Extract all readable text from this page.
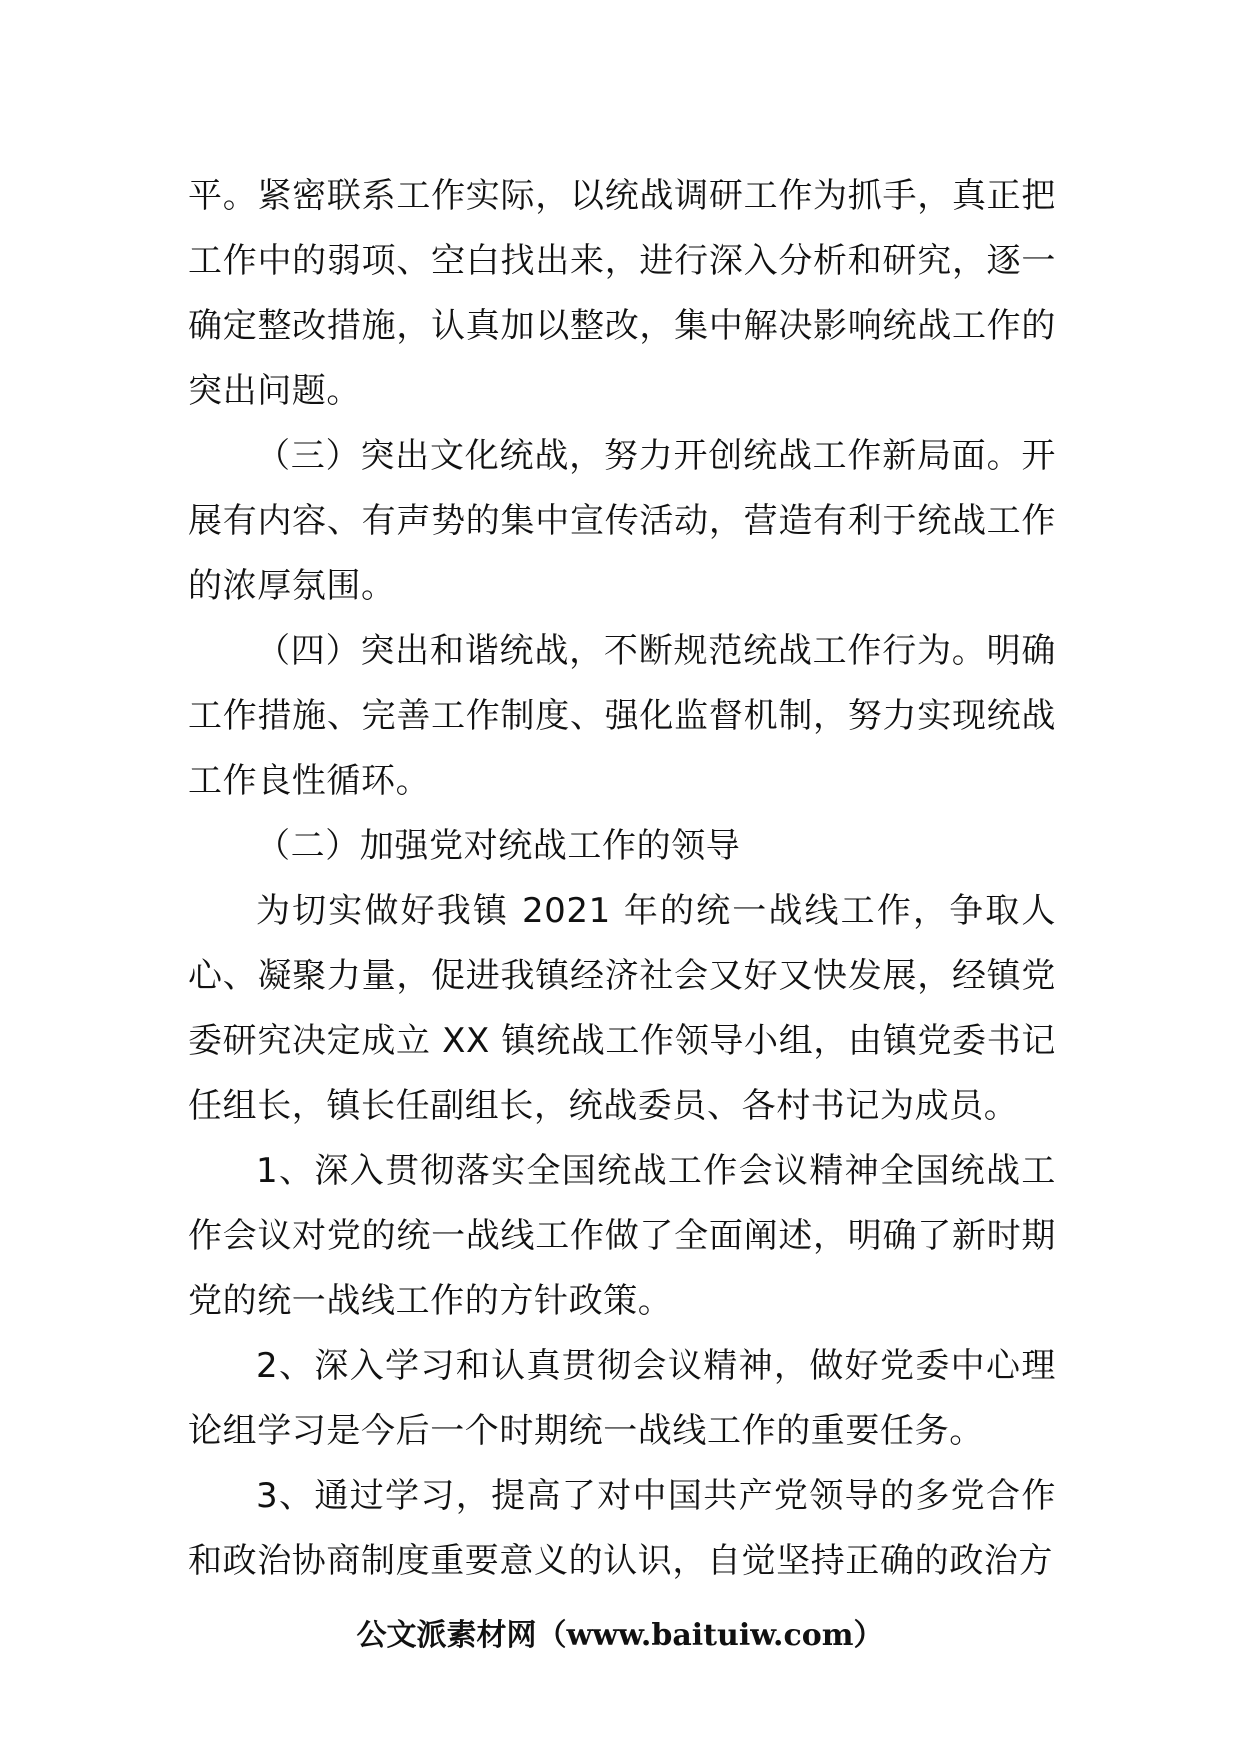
平。紧密联系工作实际，以统战调研工作为抓手，真正把工作中的弱项、空白找出来，进行深入分析和研究，逐一确定整改措施，认真加以整改，集中解决影响统战工作的突出问题。

（三）突出文化统战，努力开创统战工作新局面。开展有内容、有声势的集中宣传活动，营造有利于统战工作的浓厚氛围。

（四）突出和谐统战，不断规范统战工作行为。明确工作措施、完善工作制度、强化监督机制，努力实现统战工作良性循环。

（二）加强党对统战工作的领导

为切实做好我镇 2021 年的统一战线工作，争取人心、凝聚力量，促进我镇经济社会又好又快发展，经镇党委研究决定成立 XX 镇统战工作领导小组，由镇党委书记任组长，镇长任副组长，统战委员、各村书记为成员。

1、深入贯彻落实全国统战工作会议精神全国统战工作会议对党的统一战线工作做了全面阐述，明确了新时期党的统一战线工作的方针政策。

2、深入学习和认真贯彻会议精神，做好党委中心理论组学习是今后一个时期统一战线工作的重要任务。

3、通过学习，提高了对中国共产党领导的多党合作和政治协商制度重要意义的认识，自觉坚持正确的政治方

公文派素材网（www.baituiw.com）
